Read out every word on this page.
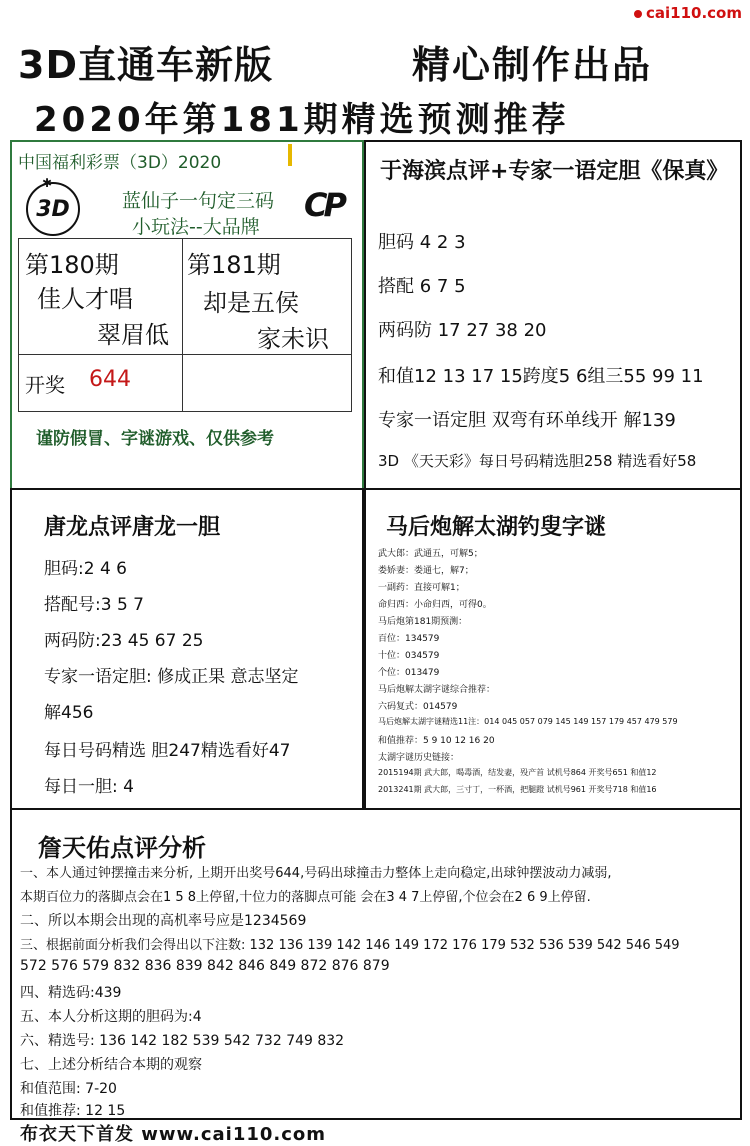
cai110.com
3D直通车新版	精心制作出品
2020年第181期精选预测推荐
中国福利彩票（3D）2020
✱
3D	蓝仙子一句定三码
小玩法--大品牌
CP
第180期
佳人才唱
翠眉低
第181期
却是五侯
家未识
开奖 644
谨防假冒、字谜游戏、仅供参考
于海滨点评+专家一语定胆《保真》
胆码 4 2 3
搭配 6 7 5
两码防 17 27 38 20
和值12 13 17 15跨度5 6组三55 99 11
专家一语定胆 双弯有环单线开 解139
3D 《天天彩》每日号码精选胆258 精选看好58
唐龙点评唐龙一胆
胆码:2 4 6
搭配号:3 5 7
两码防:23 45 67 25
专家一语定胆: 修成正果 意志坚定
解456
每日号码精选 胆247精选看好47
每日一胆: 4
马后炮解太湖钓叟字谜
武大郎：武通五，可解5；
娄娇妻：娄通七，解7；
一副药：直接可解1；
命归西：小命归西，可得0。
马后炮第181期预测：
百位：134579
十位：034579
个位：013479
马后炮解太湖字谜综合推荐：
六码复式：014579
马后炮解太湖字谜精选11注：014 045 057 079 145 149 157 179 457 479 579
和值推荐：5 9 10 12 16 20
太湖字谜历史链接：
2015194期 武大郎，喝毒酒，结发妻，殁产首 试机号864 开奖号651 和值12
2013241期 武大郎，三寸丁，一杯酒，把腿蹬 试机号961 开奖号718 和值16
詹天佑点评分析
一、本人通过钟摆撞击来分析, 上期开出奖号644,号码出球撞击力整体上走向稳定,出球钟摆波动力减弱,
本期百位力的落脚点会在1 5 8上停留,十位力的落脚点可能 会在3 4 7上停留,个位会在2 6 9上停留.
二、所以本期会出现的高机率号应是1234569
三、根据前面分析我们会得出以下注数: 132 136 139 142 146 149 172 176 179 532 536 539 542 546 549
572 576 579 832 836 839 842 846 849 872 876 879
四、精选码:439
五、本人分析这期的胆码为:4
六、精选号: 136 142 182 539 542 732 749 832
七、上述分析结合本期的观察
和值范围: 7-20
和值推荐: 12 15
布衣天下首发 www.cai110.com
